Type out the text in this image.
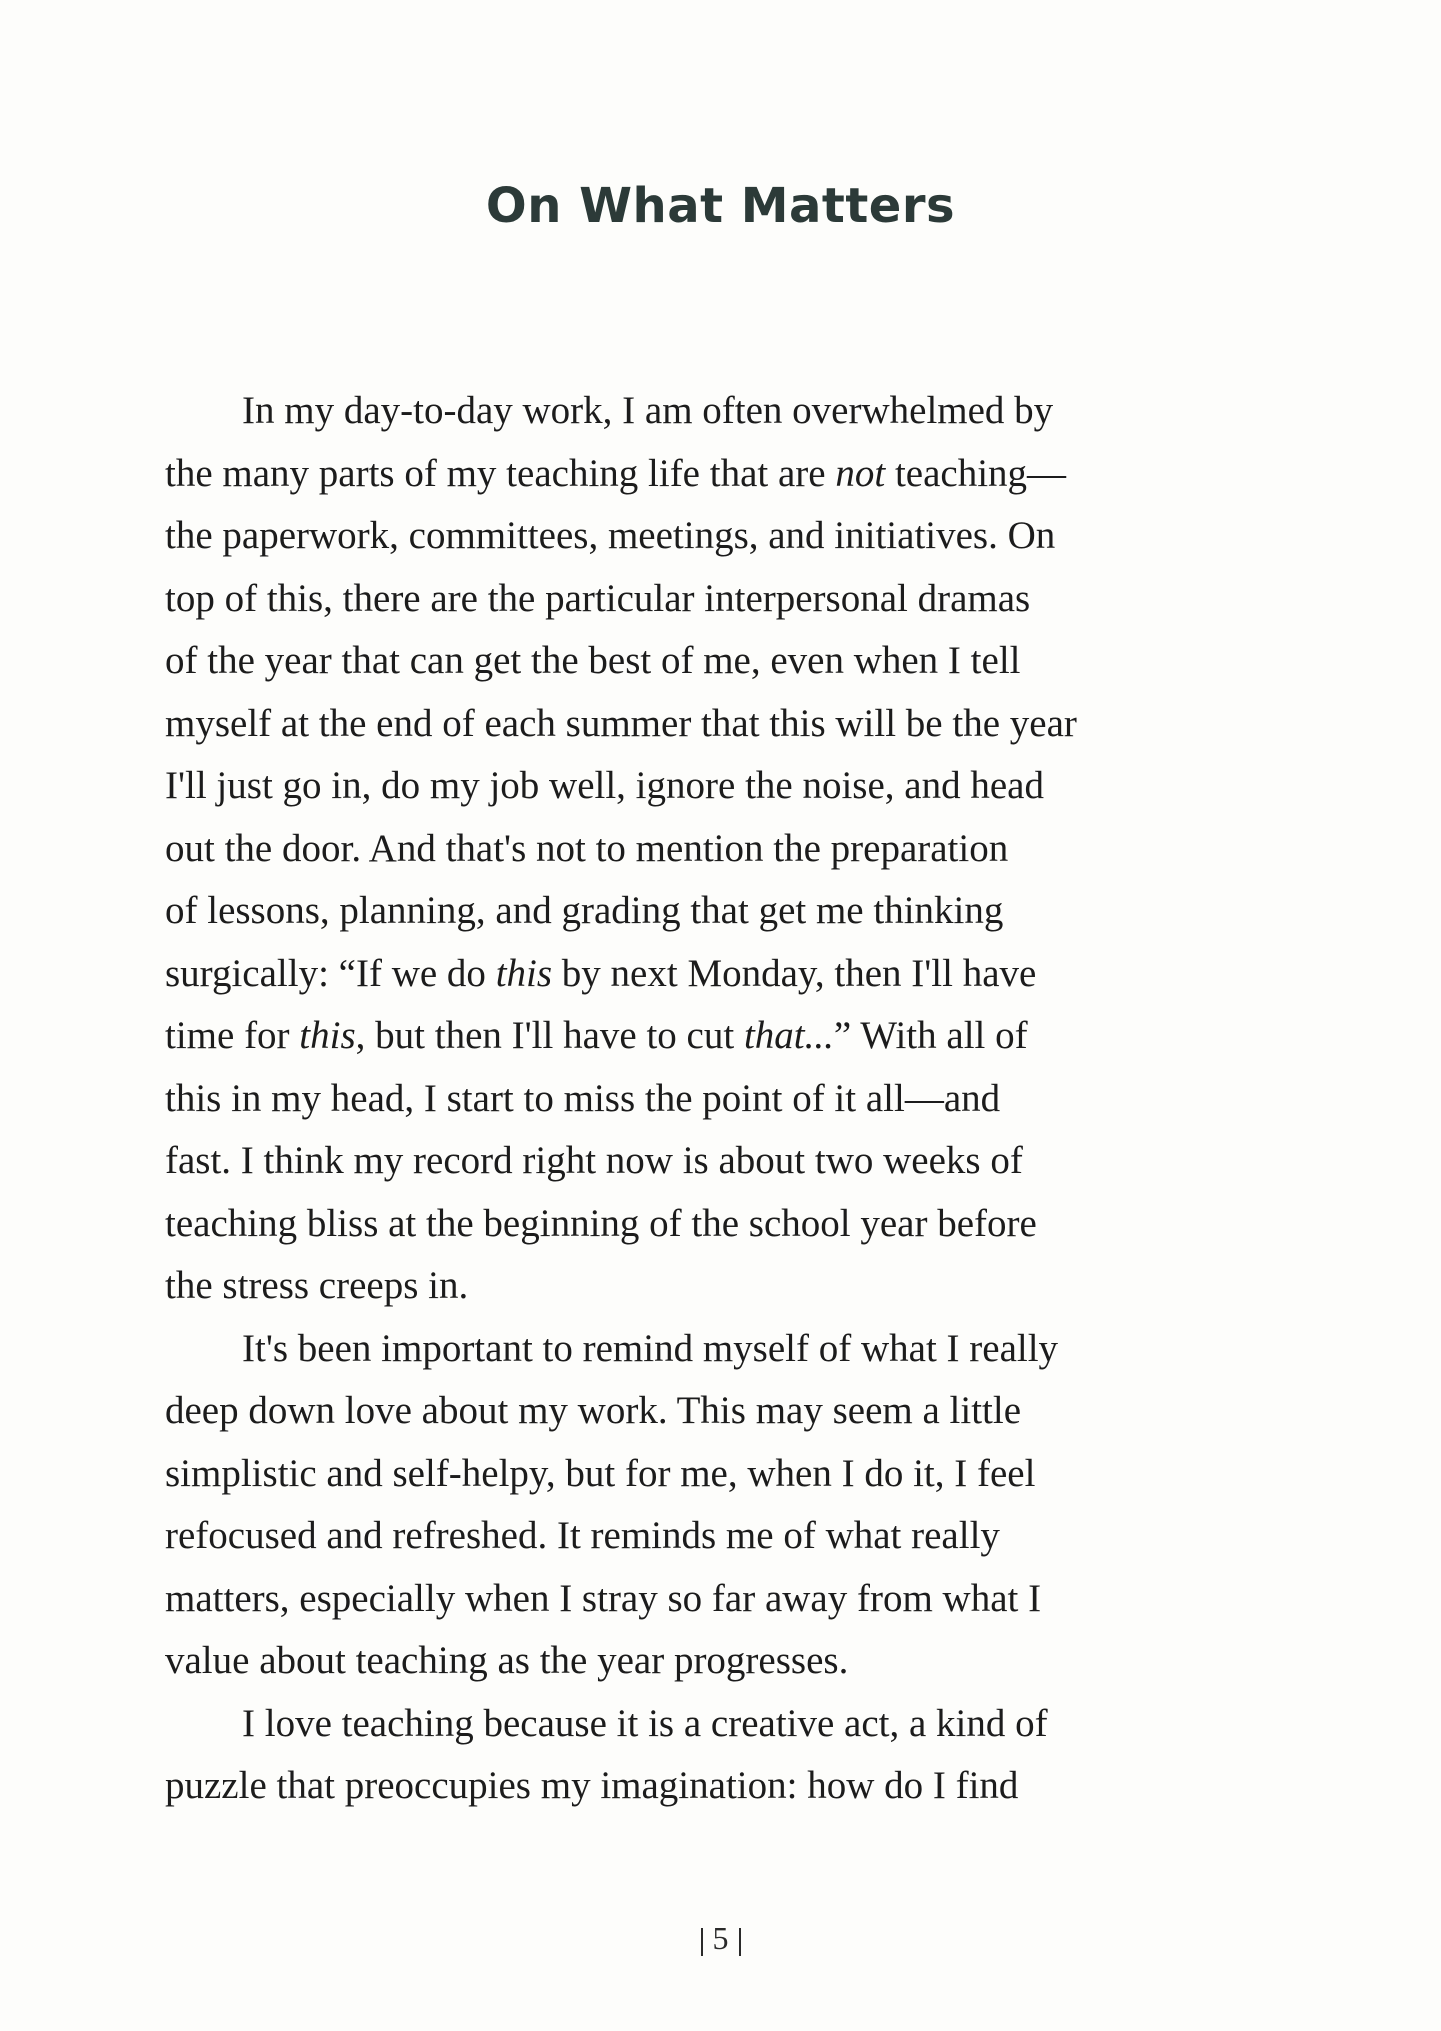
On What Matters
In my day-to-day work, I am often overwhelmed by
the many parts of my teaching life that are not teaching—
the paperwork, committees, meetings, and initiatives. On
top of this, there are the particular interpersonal dramas
of the year that can get the best of me, even when I tell
myself at the end of each summer that this will be the year
I'll just go in, do my job well, ignore the noise, and head
out the door. And that's not to mention the preparation
of lessons, planning, and grading that get me thinking
surgically: “If we do this by next Monday, then I'll have
time for this, but then I'll have to cut that...” With all of
this in my head, I start to miss the point of it all—and
fast. I think my record right now is about two weeks of
teaching bliss at the beginning of the school year before
the stress creeps in.
It's been important to remind myself of what I really
deep down love about my work. This may seem a little
simplistic and self-helpy, but for me, when I do it, I feel
refocused and refreshed. It reminds me of what really
matters, especially when I stray so far away from what I
value about teaching as the year progresses.
I love teaching because it is a creative act, a kind of
puzzle that preoccupies my imagination: how do I find
5
